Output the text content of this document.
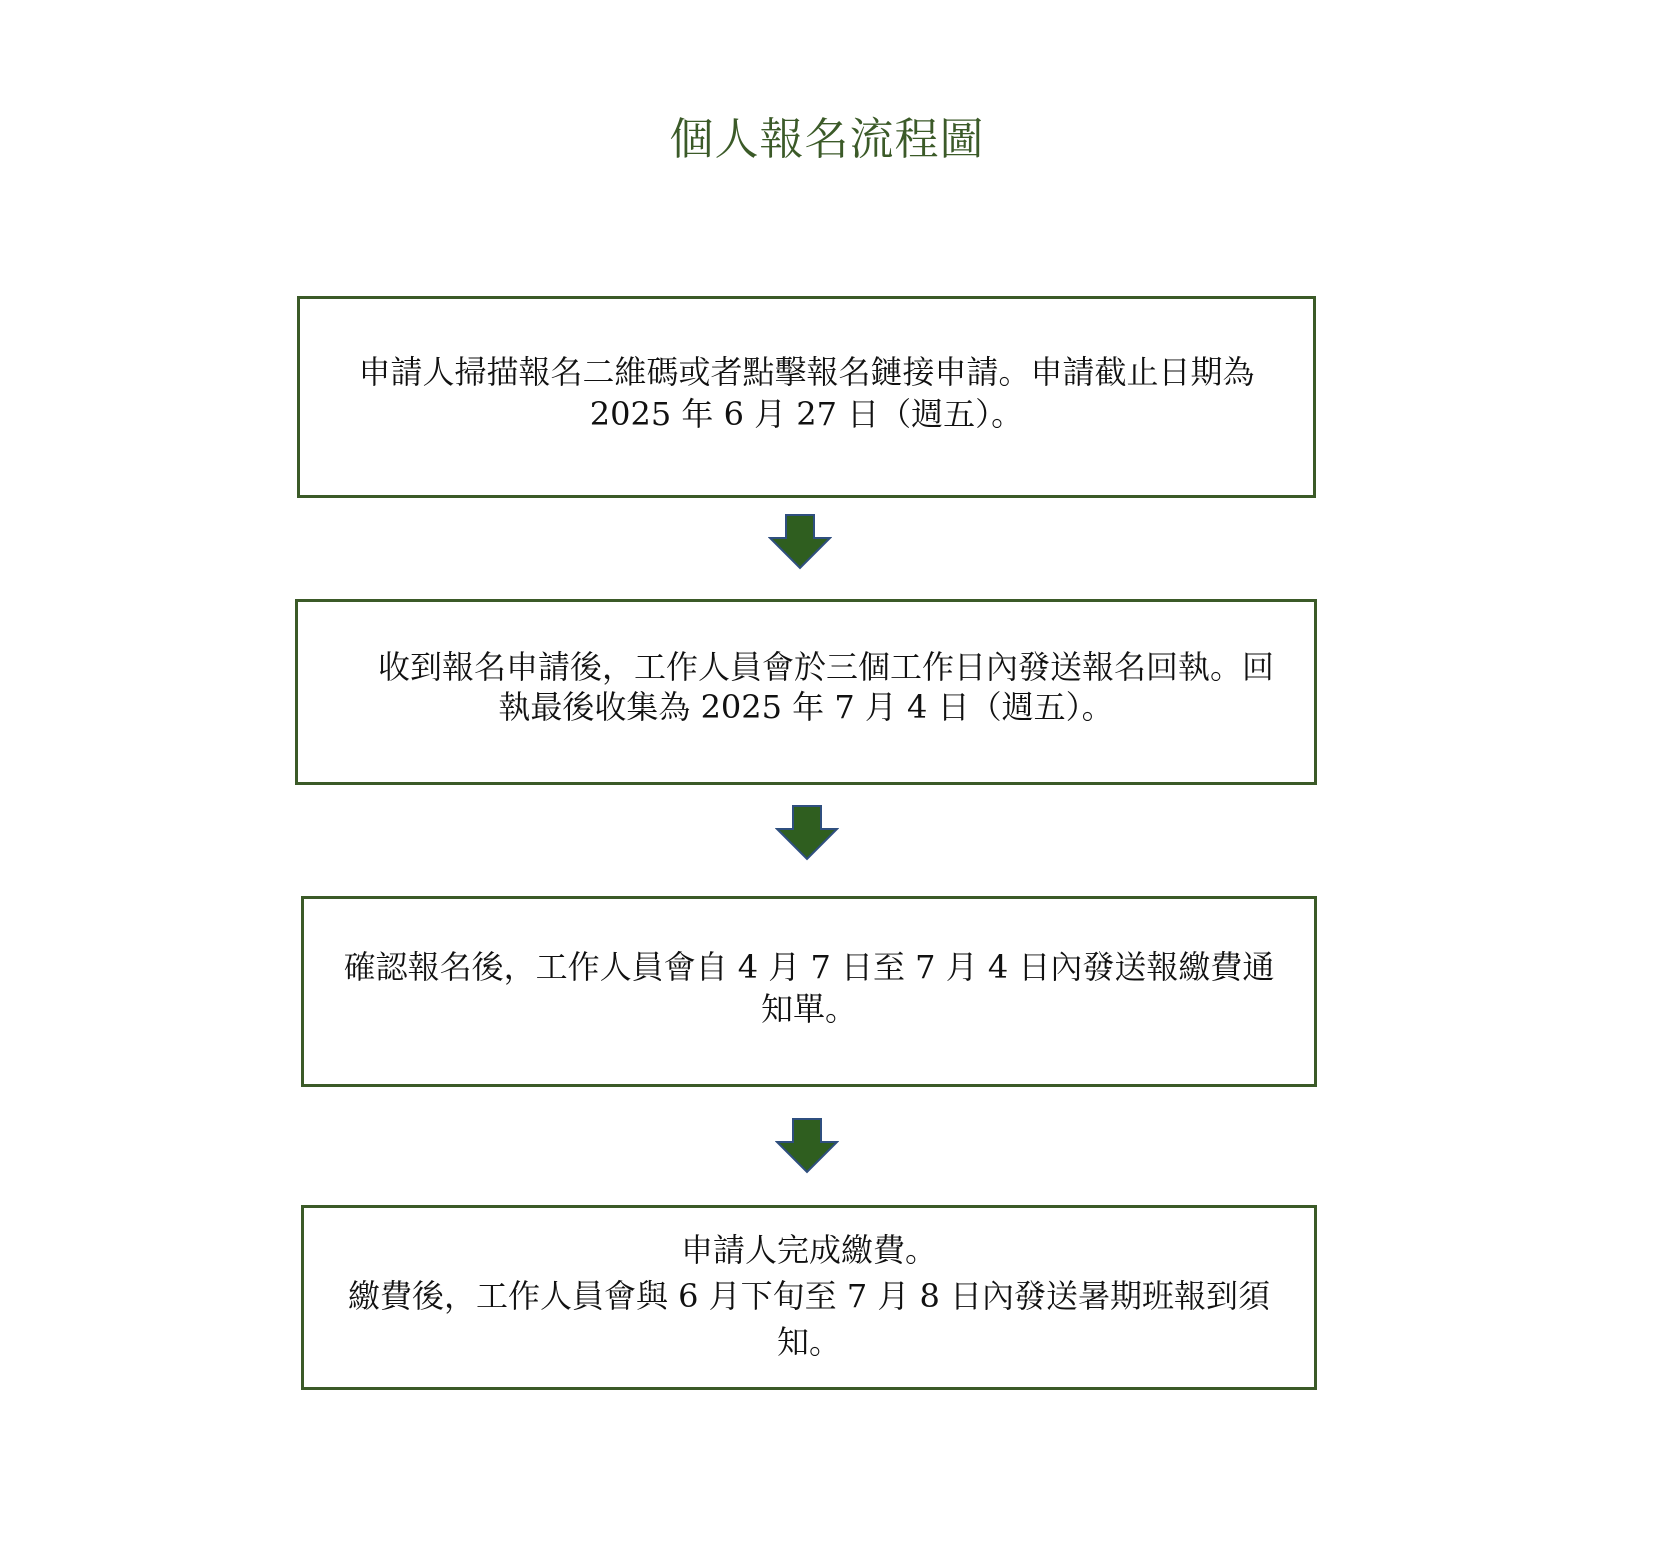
個人報名流程圖
申請人掃描報名二維碼或者點擊報名鏈接申請。申請截止日期為
2025 年 6 月 27 日（週五）。
收到報名申請後，工作人員會於三個工作日內發送報名回執。回
執最後收集為 2025 年 7 月 4 日（週五）。
確認報名後，工作人員會自 4 月 7 日至 7 月 4 日內發送報繳費通
知單。
申請人完成繳費。
繳費後，工作人員會與 6 月下旬至 7 月 8 日內發送暑期班報到須
知。
